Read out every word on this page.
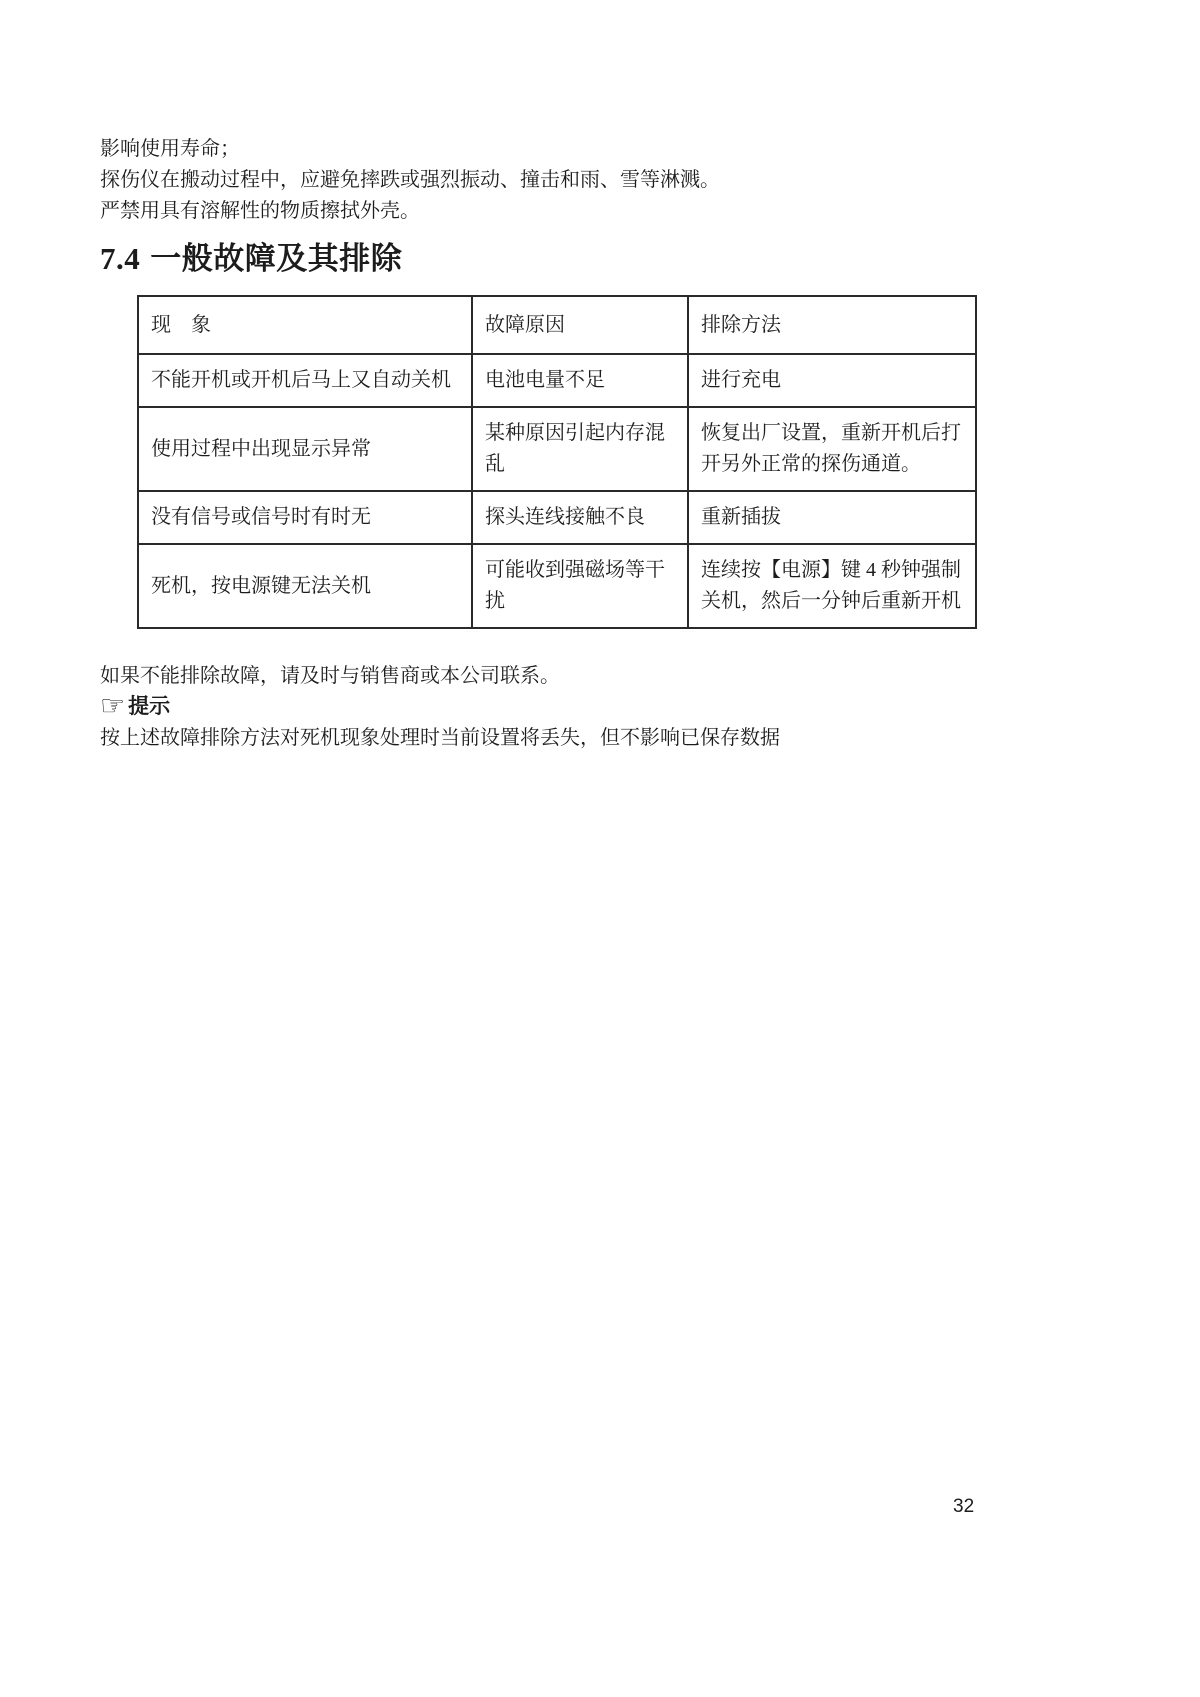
影响使用寿命；

探伤仪在搬动过程中，应避免摔跌或强烈振动、撞击和雨、雪等淋溅。

严禁用具有溶解性的物质擦拭外壳。

7.4 一般故障及其排除
现　象	故障原因	排除方法
不能开机或开机后马上又自动关机	电池电量不足	进行充电
使用过程中出现显示异常	某种原因引起内存混乱	恢复出厂设置，重新开机后打开另外正常的探伤通道。
没有信号或信号时有时无	探头连线接触不良	重新插拔
死机，按电源键无法关机	可能收到强磁场等干扰	连续按【电源】键 4 秒钟强制关机，然后一分钟后重新开机

如果不能排除故障，请及时与销售商或本公司联系。

☞ 提示

按上述故障排除方法对死机现象处理时当前设置将丢失，但不影响已保存数据

32
